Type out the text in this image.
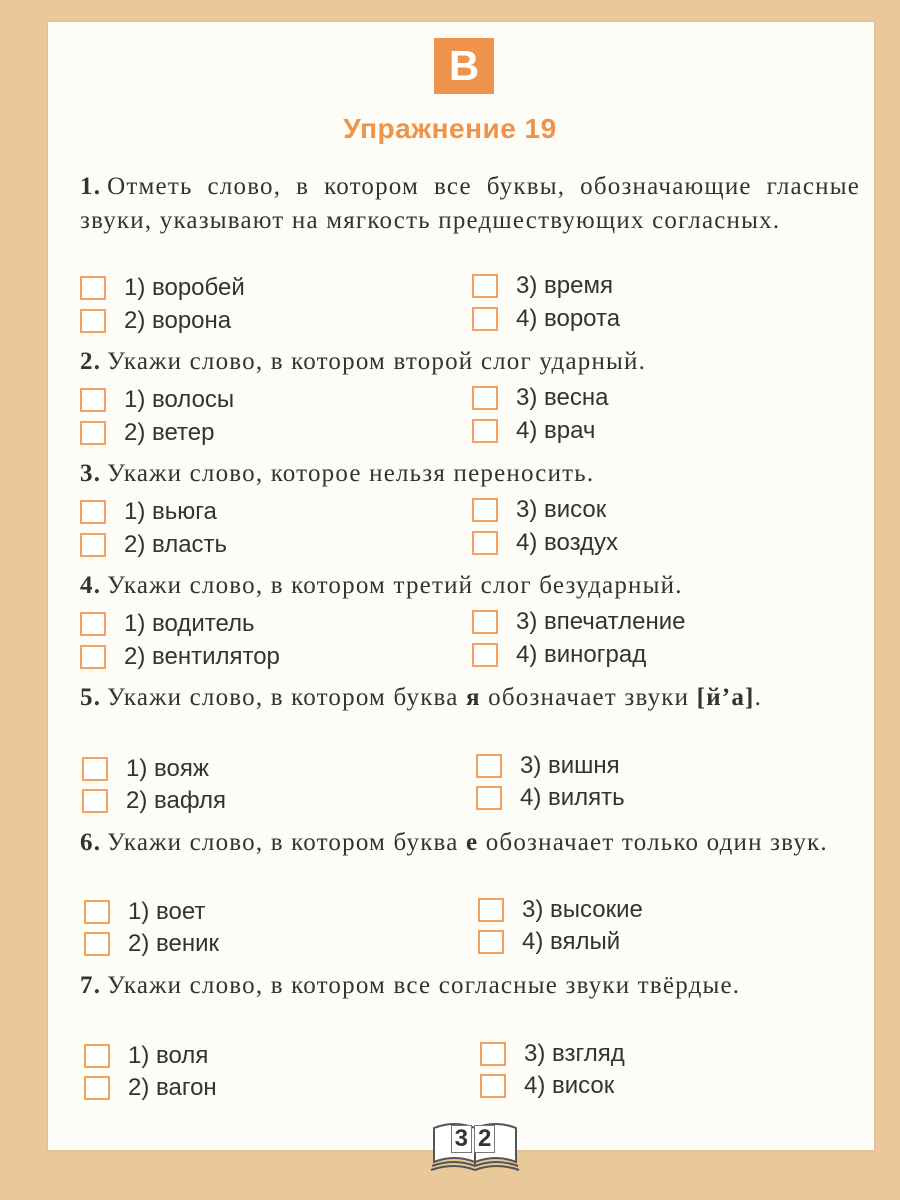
В
Упражнение 19
1. Отметь слово, в котором все буквы, обозначающие гласные звуки, указывают на мягкость предшествующих согласных.
1) воробей
2) ворона
3) время
4) ворота
2. Укажи слово, в котором второй слог ударный.
1) волосы
2) ветер
3) весна
4) врач
3. Укажи слово, которое нельзя переносить.
1) вьюга
2) власть
3) висок
4) воздух
4. Укажи слово, в котором третий слог безударный.
1) водитель
2) вентилятор
3) впечатление
4) виноград
5. Укажи слово, в котором буква я обозначает звуки [й’а].
1) вояж
2) вафля
3) вишня
4) вилять
6. Укажи слово, в котором буква е обозначает только один звук.
1) воет
2) веник
3) высокие
4) вялый
7. Укажи слово, в котором все согласные звуки твёрдые.
1) воля
2) вагон
3) взгляд
4) висок
3 2
